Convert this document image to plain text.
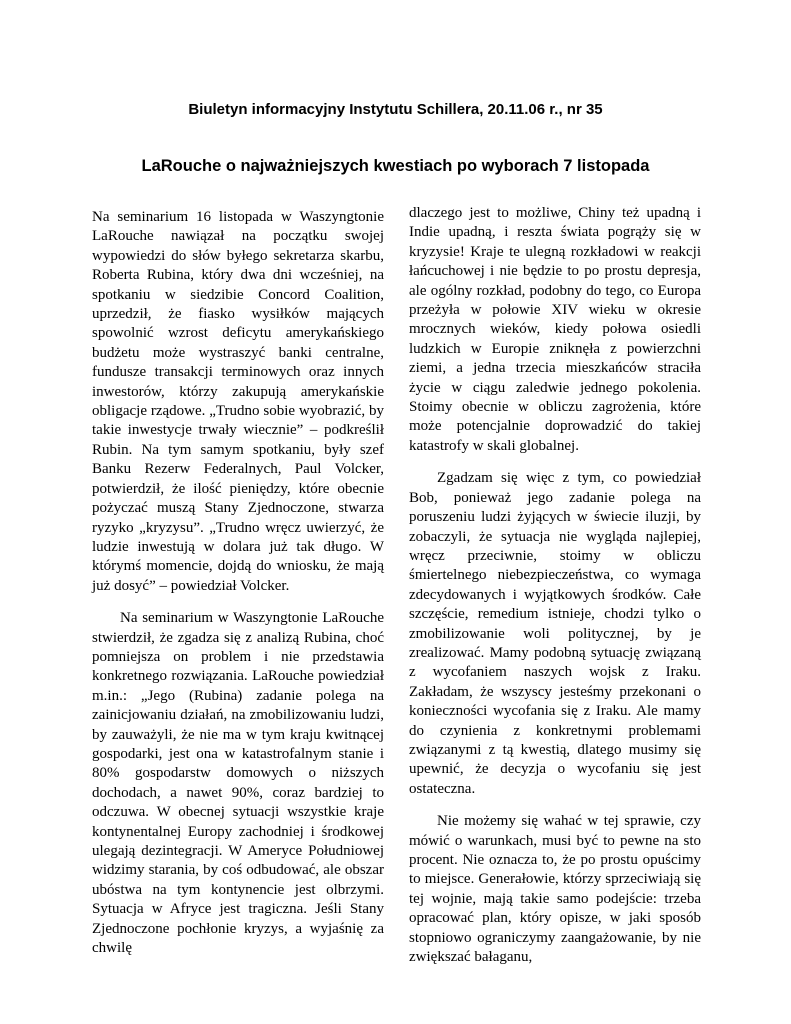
Biuletyn informacyjny Instytutu Schillera, 20.11.06 r., nr 35
LaRouche o najważniejszych kwestiach po wyborach 7 listopada

Na seminarium 16 listopada w Waszyngtonie LaRouche nawiązał na początku swojej wypowiedzi do słów byłego sekretarza skarbu, Roberta Rubina, który dwa dni wcześniej, na spotkaniu w siedzibie Concord Coalition, uprzedził, że fiasko wysiłków mających spowolnić wzrost deficytu amerykańskiego budżetu może wystraszyć banki centralne, fundusze transakcji terminowych oraz innych inwestorów, którzy zakupują amerykańskie obligacje rządowe. „Trudno sobie wyobrazić, by takie inwestycje trwały wiecznie” – podkreślił Rubin. Na tym samym spotkaniu, były szef Banku Rezerw Federalnych, Paul Volcker, potwierdził, że ilość pieniędzy, które obecnie pożyczać muszą Stany Zjednoczone, stwarza ryzyko „kryzysu”. „Trudno wręcz uwierzyć, że ludzie inwestują w dolara już tak długo. W którymś momencie, dojdą do wniosku, że mają już dosyć” – powiedział Volcker.

Na seminarium w Waszyngtonie LaRouche stwierdził, że zgadza się z analizą Rubina, choć pomniejsza on problem i nie przedstawia konkretnego rozwiązania. LaRouche powiedział m.in.: „Jego (Rubina) zadanie polega na zainicjowaniu działań, na zmobilizowaniu ludzi, by zauważyli, że nie ma w tym kraju kwitnącej gospodarki, jest ona w katastrofalnym stanie i 80% gospodarstw domowych o niższych dochodach, a nawet 90%, coraz bardziej to odczuwa. W obecnej sytuacji wszystkie kraje kontynentalnej Europy zachodniej i środkowej ulegają dezintegracji. W Ameryce Południowej widzimy starania, by coś odbudować, ale obszar ubóstwa na tym kontynencie jest olbrzymi. Sytuacja w Afryce jest tragiczna. Jeśli Stany Zjednoczone pochłonie kryzys, a wyjaśnię za chwilę

dlaczego jest to możliwe, Chiny też upadną i Indie upadną, i reszta świata pogrąży się w kryzysie! Kraje te ulegną rozkładowi w reakcji łańcuchowej i nie będzie to po prostu depresja, ale ogólny rozkład, podobny do tego, co Europa przeżyła w połowie XIV wieku w okresie mrocznych wieków, kiedy połowa osiedli ludzkich w Europie zniknęła z powierzchni ziemi, a jedna trzecia mieszkańców straciła życie w ciągu zaledwie jednego pokolenia. Stoimy obecnie w obliczu zagrożenia, które może potencjalnie doprowadzić do takiej katastrofy w skali globalnej.

Zgadzam się więc z tym, co powiedział Bob, ponieważ jego zadanie polega na poruszeniu ludzi żyjących w świecie iluzji, by zobaczyli, że sytuacja nie wygląda najlepiej, wręcz przeciwnie, stoimy w obliczu śmiertelnego niebezpieczeństwa, co wymaga zdecydowanych i wyjątkowych środków. Całe szczęście, remedium istnieje, chodzi tylko o zmobilizowanie woli politycznej, by je zrealizować. Mamy podobną sytuację związaną z wycofaniem naszych wojsk z Iraku. Zakładam, że wszyscy jesteśmy przekonani o konieczności wycofania się z Iraku. Ale mamy do czynienia z konkretnymi problemami związanymi z tą kwestią, dlatego musimy się upewnić, że decyzja o wycofaniu się jest ostateczna.

Nie możemy się wahać w tej sprawie, czy mówić o warunkach, musi być to pewne na sto procent. Nie oznacza to, że po prostu opuścimy to miejsce. Generałowie, którzy sprzeciwiają się tej wojnie, mają takie samo podejście: trzeba opracować plan, który opisze, w jaki sposób stopniowo ograniczymy zaangażowanie, by nie zwiększać bałaganu,
